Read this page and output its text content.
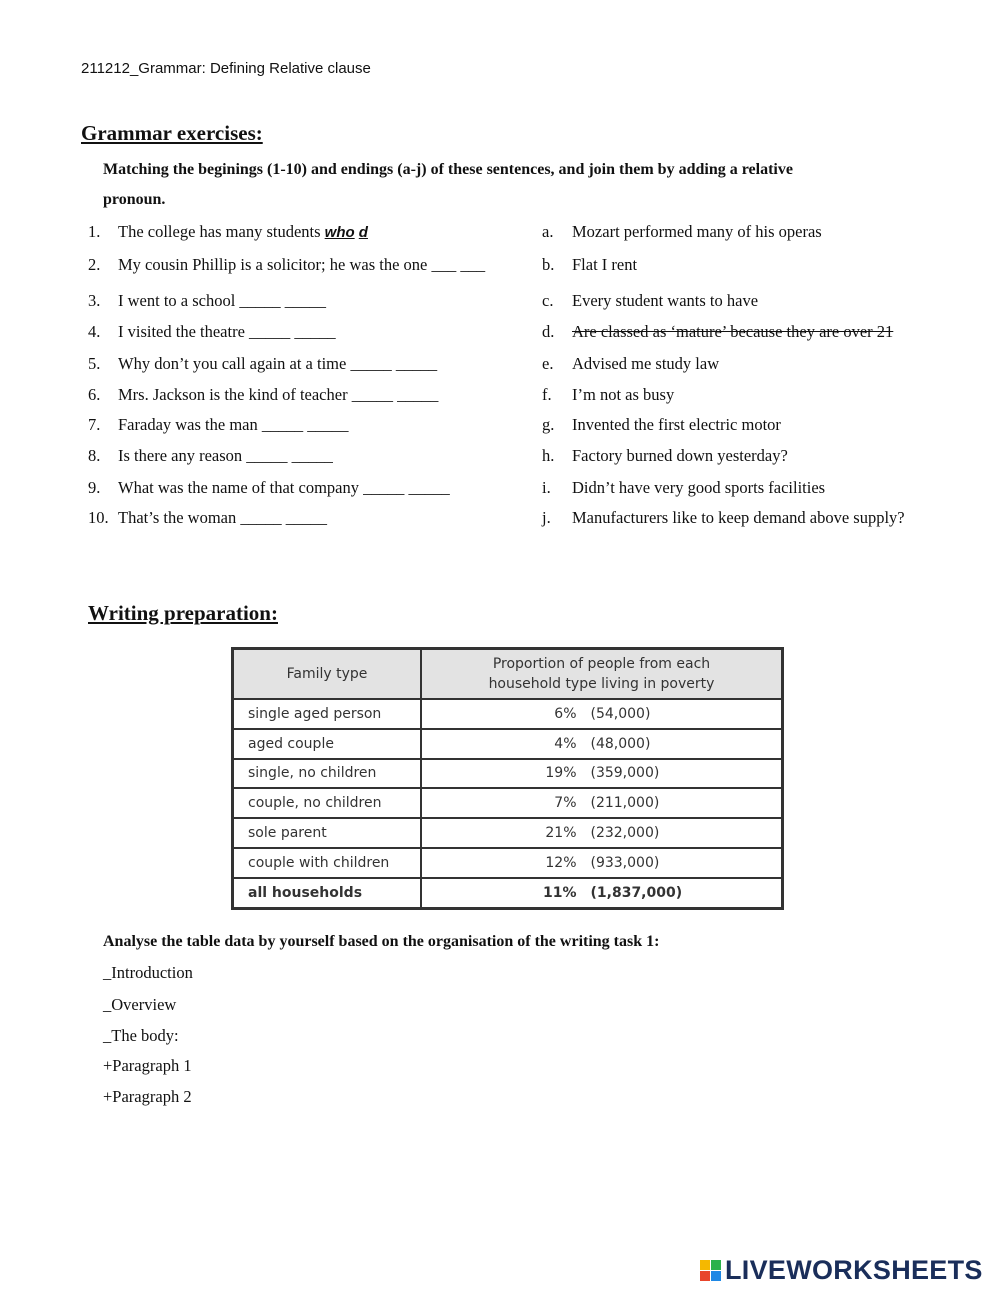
211212_Grammar: Defining Relative clause
Grammar exercises:
Matching the beginings (1-10) and endings (a-j) of these sentences, and join them by adding a relative
pronoun.
1. The college has many students who d
2. My cousin Phillip is a solicitor; he was the one ___ ___
3. I went to a school _____ _____
4. I visited the theatre _____ _____
5. Why don’t you call again at a time _____ _____
6. Mrs. Jackson is the kind of teacher _____ _____
7. Faraday was the man _____ _____
8. Is there any reason _____ _____
9. What was the name of that company _____ _____
10. That’s the woman _____ _____
a. Mozart performed many of his operas
b. Flat I rent
c. Every student wants to have
d. Are classed as ‘mature’ because they are over 21
e. Advised me study law
f. I’m not as busy
g. Invented the first electric motor
h. Factory burned down yesterday?
i. Didn’t have very good sports facilities
j. Manufacturers like to keep demand above supply?
Writing preparation:
Family type	Proportion of people from each
household type living in poverty

single aged person	6% (54,000)
aged couple	4% (48,000)
single, no children	19% (359,000)
couple, no children	7% (211,000)
sole parent	21% (232,000)
couple with children	12% (933,000)
all households	11% (1,837,000)
Analyse the table data by yourself based on the organisation of the writing task 1:
_Introduction
_Overview
_The body:
+Paragraph 1
+Paragraph 2
LIVEWORKSHEETS
